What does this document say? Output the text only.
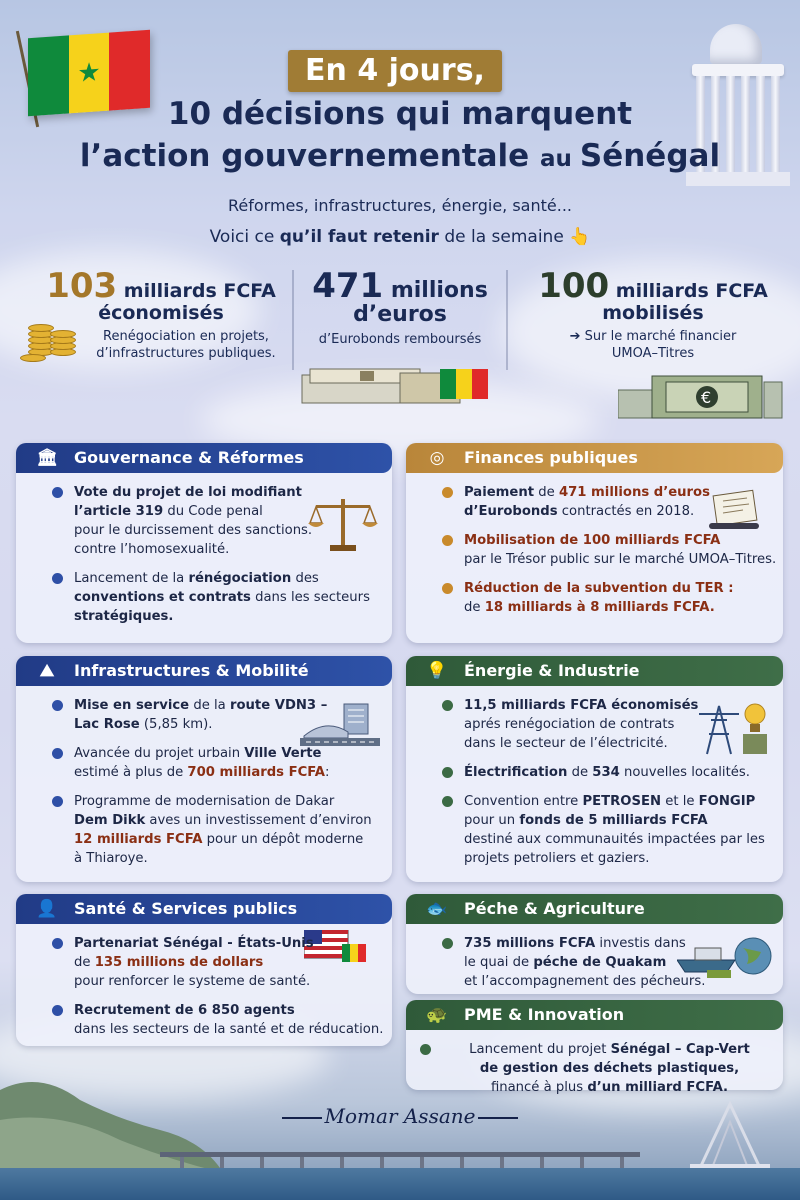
★	En 4 jours,
10 décisions qui marquent
l’action gouvernementale au Sénégal
Réformes, infrastructures, énergie, santé...
Voici ce qu’il faut retenir de la semaine 👆
103 milliards FCFA
économisés
Renégociation en projets,
d’infrastructures publiques.
471 millions
d’euros
d’Eurobonds remboursés
100 milliards FCFA
mobilisés
➔ Sur le marché financier
UMOA–Titres
€
🏛 Gouvernance & Réformes
Vote du projet de loi modifiant
l’article 319 du Code penal
pour le durcissement des sanctions.
contre l’homosexualité.
Lancement de la rénégociation des
conventions et contrats dans les secteurs
stratégiques.
◎	Finances publiques
Paiement de 471 millions d’euros
d’Eurobonds contractés en 2018.
Mobilisation de 100 milliards FCFA
par le Trésor public sur le marché UMOA–Titres.
Réduction de la subvention du TER :
de 18 milliards à 8 milliards FCFA.
⛰	Infrastructures & Mobilité
Mise en service de la route VDN3 –
Lac Rose (5,85 km).
Avancée du projet urbain Ville Verte
estimé à plus de 700 milliards FCFA:
Programme de modernisation de Dakar
Dem Dikk aves un investissement d’environ
12 milliards FCFA pour un dépôt moderne
à Thiaroye.
💡 Énergie & Industrie
11,5 milliards FCFA économisés
aprés renégociation de contrats
dans le secteur de l’électricité.
Électrification de 534 nouvelles localités.
Convention entre PETROSEN et le FONGIP
pour un fonds de 5 milliards FCFA
destiné aux communauités impactées par les
projets petroliers et gaziers.
👤 Santé & Services publics
Partenariat Sénégal - États-Unis
de 135 millions de dollars
pour renforcer le systeme de santé.
Recrutement de 6 850 agents
dans les secteurs de la santé et de réducation.
🐟 Péche & Agriculture
735 millions FCFA investis dans
le quai de péche de Quakam
et l’accompagnement des pécheurs.
🐢 PME & Innovation
Lancement du projet Sénégal – Cap-Vert
de gestion des déchets plastiques,
financé à plus d’un milliard FCFA.
Momar Assane
